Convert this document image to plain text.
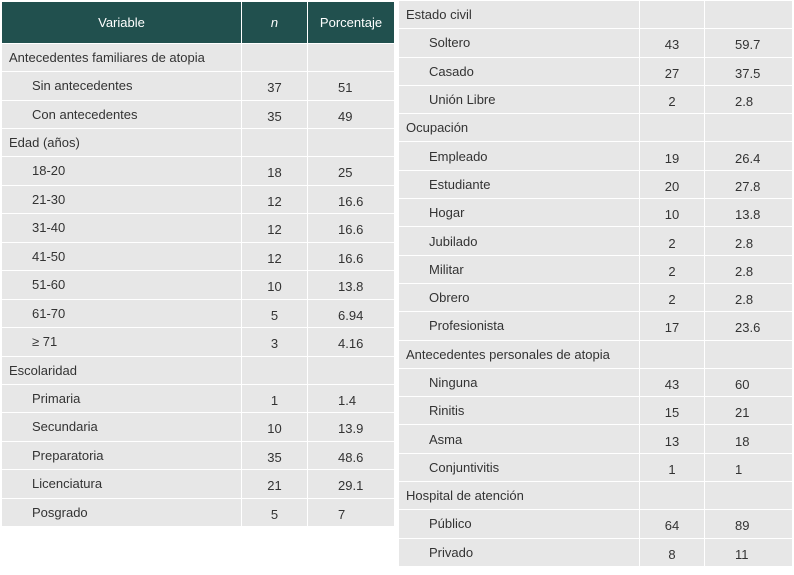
Variable	n	Porcentaje
Antecedentes familiares de atopia		
Sin antecedentes	37	51
Con antecedentes	35	49
Edad (años)		
18-20	18	25
21-30	12	16.6
31-40	12	16.6
41-50	12	16.6
51-60	10	13.8
61-70	5	6.94
≥ 71	3	4.16
Escolaridad		
Primaria	1	1.4
Secundaria	10	13.9
Preparatoria	35	48.6
Licenciatura	21	29.1
Posgrado	5	7
Estado civil		
Soltero	43	59.7
Casado	27	37.5
Unión Libre	2	2.8
Ocupación		
Empleado	19	26.4
Estudiante	20	27.8
Hogar	10	13.8
Jubilado	2	2.8
Militar	2	2.8
Obrero	2	2.8
Profesionista	17	23.6
Antecedentes personales de atopia		
Ninguna	43	60
Rinitis	15	21
Asma	13	18
Conjuntivitis	1	1
Hospital de atención		
Público	64	89
Privado	8	11
